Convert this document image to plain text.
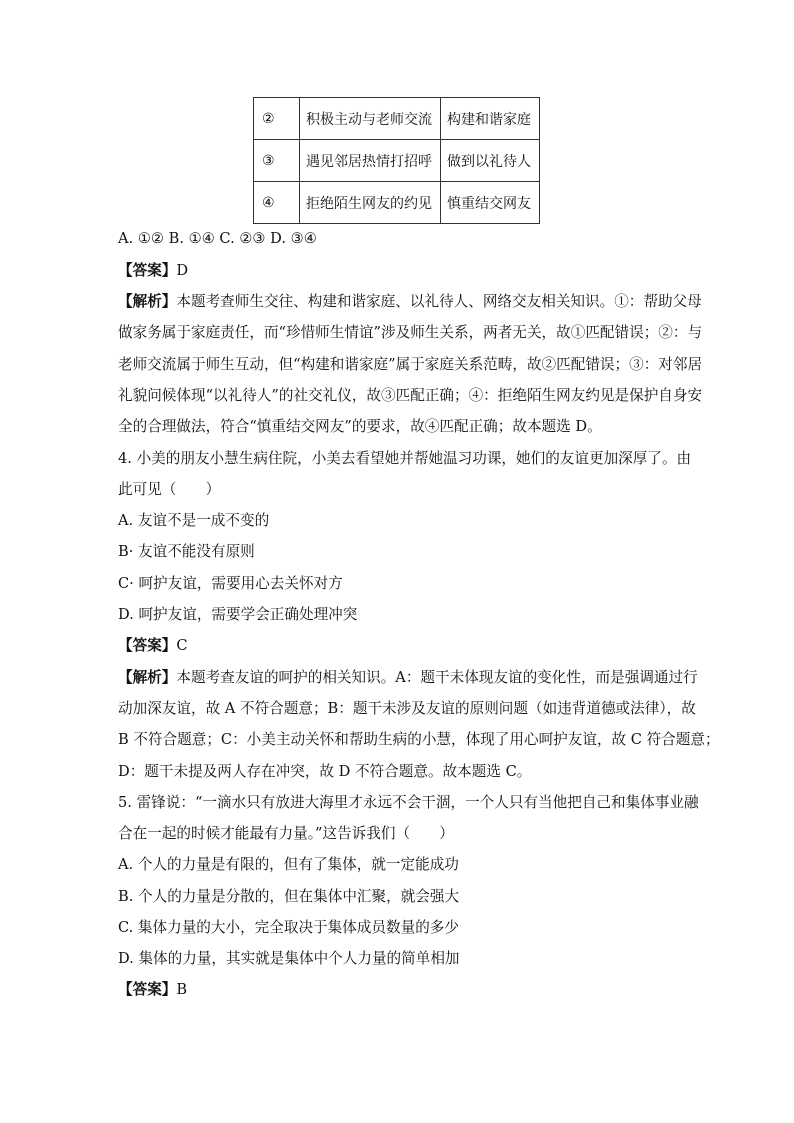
②	积极主动与老师交流	构建和谐家庭
③	遇见邻居热情打招呼	做到以礼待人
④	拒绝陌生网友的约见	慎重结交网友
A. ①② B. ①④ C. ②③ D. ③④
【答案】D
【解析】本题考查师生交往、构建和谐家庭、以礼待人、网络交友相关知识。①：帮助父母
做家务属于家庭责任，而“珍惜师生情谊”涉及师生关系，两者无关，故①匹配错误；②：与
老师交流属于师生互动，但“构建和谐家庭”属于家庭关系范畴，故②匹配错误；③：对邻居
礼貌问候体现“以礼待人”的社交礼仪，故③匹配正确；④：拒绝陌生网友约见是保护自身安
全的合理做法，符合“慎重结交网友”的要求，故④匹配正确；故本题选 D。
4. 小美的朋友小慧生病住院，小美去看望她并帮她温习功课，她们的友谊更加深厚了。由
此可见（　　）
A. 友谊不是一成不变的
B· 友谊不能没有原则
C· 呵护友谊，需要用心去关怀对方
D. 呵护友谊，需要学会正确处理冲突
【答案】C
【解析】本题考查友谊的呵护的相关知识。A：题干未体现友谊的变化性，而是强调通过行
动加深友谊，故 A 不符合题意；B：题干未涉及友谊的原则问题（如违背道德或法律），故
B 不符合题意；C：小美主动关怀和帮助生病的小慧，体现了用心呵护友谊，故 C 符合题意；
D：题干未提及两人存在冲突，故 D 不符合题意。故本题选 C。
5. 雷锋说：“一滴水只有放进大海里才永远不会干涸，一个人只有当他把自己和集体事业融
合在一起的时候才能最有力量。”这告诉我们（　　）
A. 个人的力量是有限的，但有了集体，就一定能成功
B. 个人的力量是分散的，但在集体中汇聚，就会强大
C. 集体力量的大小，完全取决于集体成员数量的多少
D. 集体的力量，其实就是集体中个人力量的简单相加
【答案】B
